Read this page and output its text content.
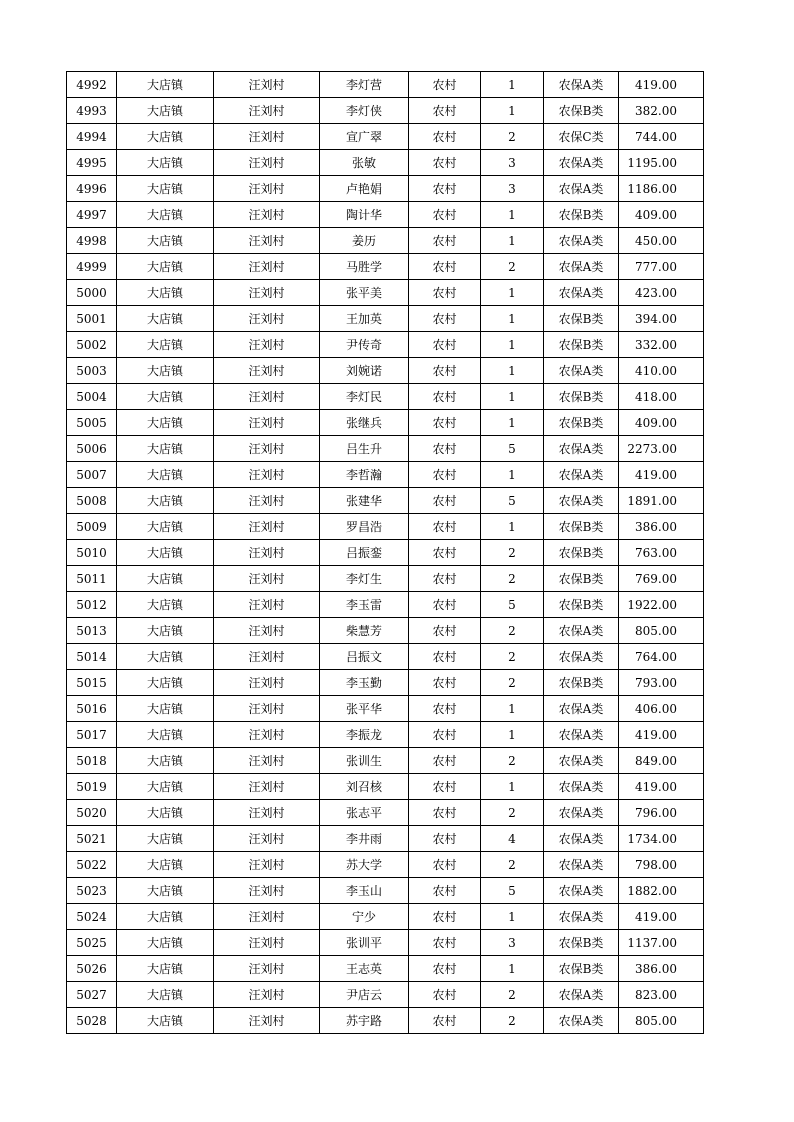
4992	大店镇	汪刘村	李灯营	农村	1	农保A类	419.00
4993	大店镇	汪刘村	李灯侠	农村	1	农保B类	382.00
4994	大店镇	汪刘村	宣广翠	农村	2	农保C类	744.00
4995	大店镇	汪刘村	张敏	农村	3	农保A类	1195.00
4996	大店镇	汪刘村	卢艳娟	农村	3	农保A类	1186.00
4997	大店镇	汪刘村	陶计华	农村	1	农保B类	409.00
4998	大店镇	汪刘村	姜历	农村	1	农保A类	450.00
4999	大店镇	汪刘村	马胜学	农村	2	农保A类	777.00
5000	大店镇	汪刘村	张平美	农村	1	农保A类	423.00
5001	大店镇	汪刘村	王加英	农村	1	农保B类	394.00
5002	大店镇	汪刘村	尹传奇	农村	1	农保B类	332.00
5003	大店镇	汪刘村	刘婉诺	农村	1	农保A类	410.00
5004	大店镇	汪刘村	李灯民	农村	1	农保B类	418.00
5005	大店镇	汪刘村	张继兵	农村	1	农保B类	409.00
5006	大店镇	汪刘村	吕生升	农村	5	农保A类	2273.00
5007	大店镇	汪刘村	李哲瀚	农村	1	农保A类	419.00
5008	大店镇	汪刘村	张建华	农村	5	农保A类	1891.00
5009	大店镇	汪刘村	罗昌浩	农村	1	农保B类	386.00
5010	大店镇	汪刘村	吕振銮	农村	2	农保B类	763.00
5011	大店镇	汪刘村	李灯生	农村	2	农保B类	769.00
5012	大店镇	汪刘村	李玉雷	农村	5	农保B类	1922.00
5013	大店镇	汪刘村	柴慧芳	农村	2	农保A类	805.00
5014	大店镇	汪刘村	吕振文	农村	2	农保A类	764.00
5015	大店镇	汪刘村	李玉勤	农村	2	农保B类	793.00
5016	大店镇	汪刘村	张平华	农村	1	农保A类	406.00
5017	大店镇	汪刘村	李振龙	农村	1	农保A类	419.00
5018	大店镇	汪刘村	张训生	农村	2	农保A类	849.00
5019	大店镇	汪刘村	刘召核	农村	1	农保A类	419.00
5020	大店镇	汪刘村	张志平	农村	2	农保A类	796.00
5021	大店镇	汪刘村	李井雨	农村	4	农保A类	1734.00
5022	大店镇	汪刘村	苏大学	农村	2	农保A类	798.00
5023	大店镇	汪刘村	李玉山	农村	5	农保A类	1882.00
5024	大店镇	汪刘村	宁少	农村	1	农保A类	419.00
5025	大店镇	汪刘村	张训平	农村	3	农保B类	1137.00
5026	大店镇	汪刘村	王志英	农村	1	农保B类	386.00
5027	大店镇	汪刘村	尹店云	农村	2	农保A类	823.00
5028	大店镇	汪刘村	苏宇路	农村	2	农保A类	805.00
